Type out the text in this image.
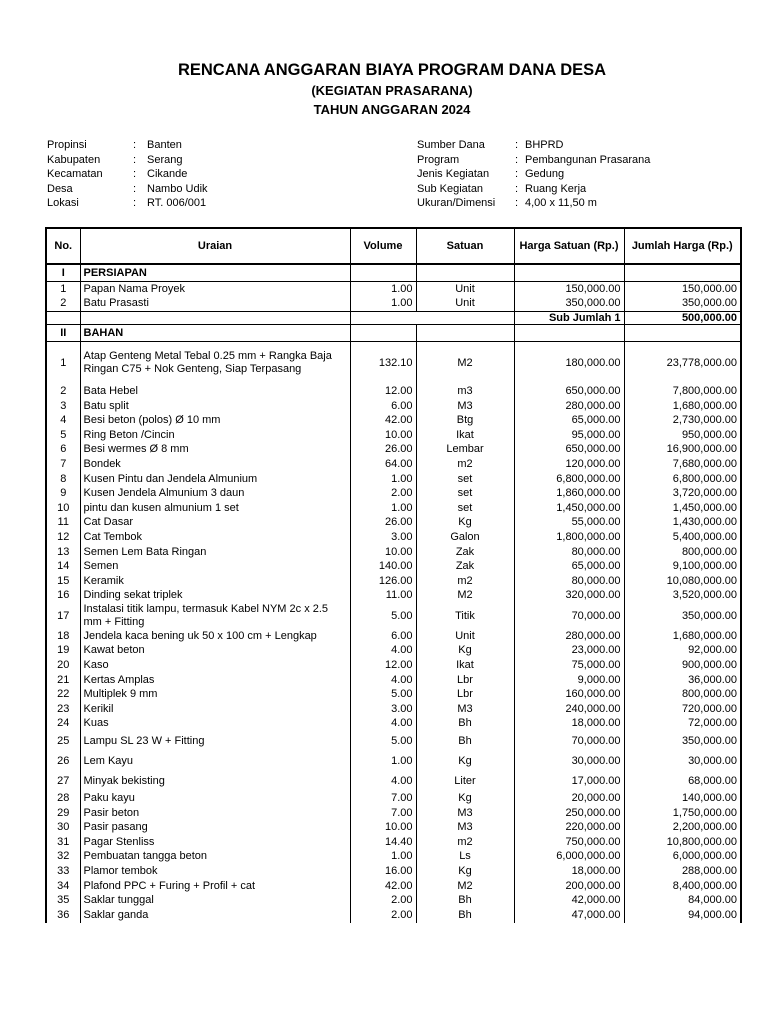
RENCANA ANGGARAN BIAYA PROGRAM DANA DESA
(KEGIATAN PRASARANA)
TAHUN ANGGARAN 2024
Propinsi	: Banten
Kabupaten	: Serang
Kecamatan	: Cikande
Desa	: Nambo Udik
Lokasi	: RT. 006/001
Sumber Dana	: BHPRD
Program	: Pembangunan Prasarana
Jenis Kegiatan : Gedung
Sub Kegiatan	: Ruang Kerja
Ukuran/Dimensi : 4,00 x 11,50 m
No.	Uraian	Volume	Satuan	Harga Satuan (Rp.)	Jumlah Harga (Rp.)
I	PERSIAPAN				
1	Papan Nama Proyek	1.00	Unit	150,000.00	150,000.00
2	Batu Prasasti	1.00	Unit	350,000.00	350,000.00
				Sub Jumlah 1	500,000.00
II	BAHAN				
1	Atap Genteng Metal Tebal 0.25 mm + Rangka Baja Ringan C75 + Nok Genteng, Siap Terpasang	132.10	M2	180,000.00	23,778,000.00
2	Bata Hebel	12.00	m3	650,000.00	7,800,000.00
3	Batu split	6.00	M3	280,000.00	1,680,000.00
4	Besi beton (polos) Ø 10 mm	42.00	Btg	65,000.00	2,730,000.00
5	Ring Beton /Cincin	10.00	Ikat	95,000.00	950,000.00
6	Besi wermes Ø 8 mm	26.00	Lembar	650,000.00	16,900,000.00
7	Bondek	64.00	m2	120,000.00	7,680,000.00
8	Kusen Pintu dan Jendela Almunium	1.00	set	6,800,000.00	6,800,000.00
9	Kusen Jendela Almunium 3 daun	2.00	set	1,860,000.00	3,720,000.00
10	pintu dan kusen almunium 1 set	1.00	set	1,450,000.00	1,450,000.00
11	Cat Dasar	26.00	Kg	55,000.00	1,430,000.00
12	Cat Tembok	3.00	Galon	1,800,000.00	5,400,000.00
13	Semen Lem Bata Ringan	10.00	Zak	80,000.00	800,000.00
14	Semen	140.00	Zak	65,000.00	9,100,000.00
15	Keramik	126.00	m2	80,000.00	10,080,000.00
16	Dinding sekat triplek	11.00	M2	320,000.00	3,520,000.00
17	Instalasi titik lampu, termasuk Kabel NYM 2c x 2.5 mm + Fitting	5.00	Titik	70,000.00	350,000.00
18	Jendela kaca bening uk 50 x 100 cm + Lengkap	6.00	Unit	280,000.00	1,680,000.00
19	Kawat beton	4.00	Kg	23,000.00	92,000.00
20	Kaso	12.00	Ikat	75,000.00	900,000.00
21	Kertas Amplas	4.00	Lbr	9,000.00	36,000.00
22	Multiplek 9 mm	5.00	Lbr	160,000.00	800,000.00
23	Kerikil	3.00	M3	240,000.00	720,000.00
24	Kuas	4.00	Bh	18,000.00	72,000.00
25	Lampu SL 23 W + Fitting	5.00	Bh	70,000.00	350,000.00
26	Lem Kayu	1.00	Kg	30,000.00	30,000.00
27	Minyak bekisting	4.00	Liter	17,000.00	68,000.00
28	Paku kayu	7.00	Kg	20,000.00	140,000.00
29	Pasir beton	7.00	M3	250,000.00	1,750,000.00
30	Pasir pasang	10.00	M3	220,000.00	2,200,000.00
31	Pagar Stenliss	14.40	m2	750,000.00	10,800,000.00
32	Pembuatan tangga beton	1.00	Ls	6,000,000.00	6,000,000.00
33	Plamor tembok	16.00	Kg	18,000.00	288,000.00
34	Plafond PPC + Furing + Profil + cat	42.00	M2	200,000.00	8,400,000.00
35	Saklar tunggal	2.00	Bh	42,000.00	84,000.00
36	Saklar ganda	2.00	Bh	47,000.00	94,000.00
